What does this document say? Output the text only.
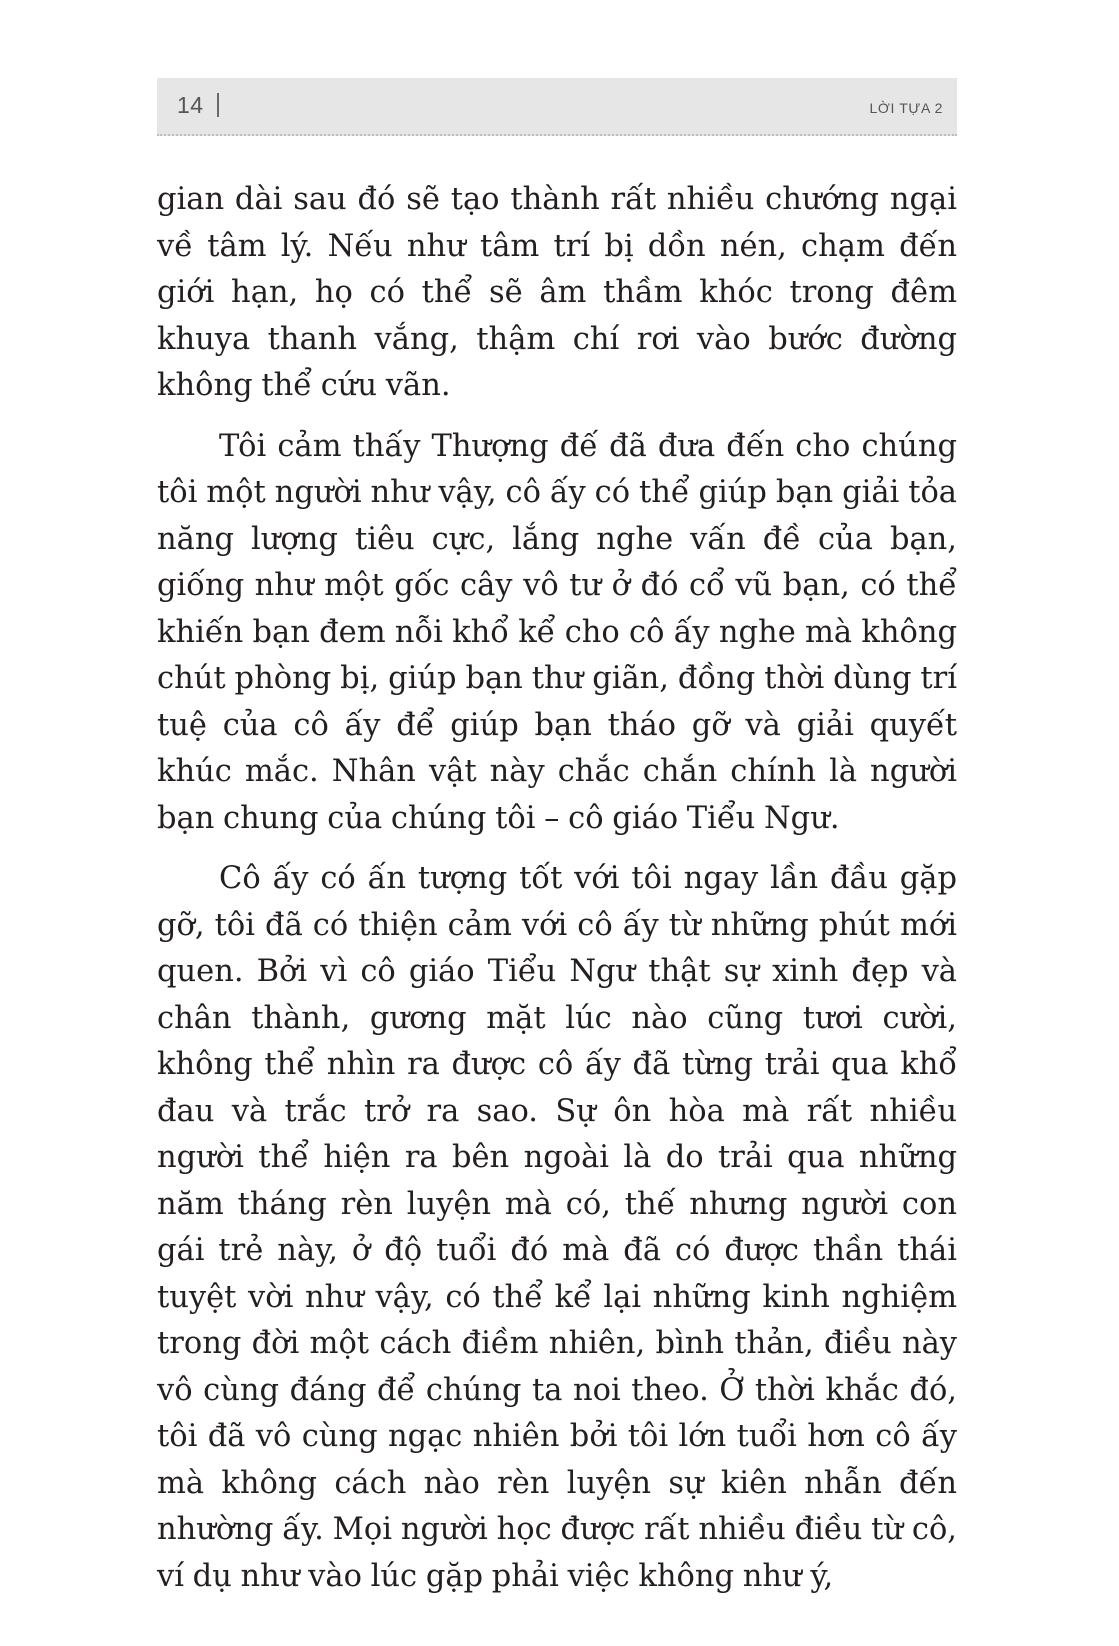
14	LỜI TỰA 2

gian dài sau đó sẽ tạo thành rất nhiều chướng ngại về tâm lý. Nếu như tâm trí bị dồn nén, chạm đến giới hạn, họ có thể sẽ âm thầm khóc trong đêm khuya thanh vắng, thậm chí rơi vào bước đường không thể cứu vãn.

Tôi cảm thấy Thượng đế đã đưa đến cho chúng tôi một người như vậy, cô ấy có thể giúp bạn giải tỏa năng lượng tiêu cực, lắng nghe vấn đề của bạn, giống như một gốc cây vô tư ở đó cổ vũ bạn, có thể khiến bạn đem nỗi khổ kể cho cô ấy nghe mà không chút phòng bị, giúp bạn thư giãn, đồng thời dùng trí tuệ của cô ấy để giúp bạn tháo gỡ và giải quyết khúc mắc. Nhân vật này chắc chắn chính là người bạn chung của chúng tôi – cô giáo Tiểu Ngư.

Cô ấy có ấn tượng tốt với tôi ngay lần đầu gặp gỡ, tôi đã có thiện cảm với cô ấy từ những phút mới quen. Bởi vì cô giáo Tiểu Ngư thật sự xinh đẹp và chân thành, gương mặt lúc nào cũng tươi cười, không thể nhìn ra được cô ấy đã từng trải qua khổ đau và trắc trở ra sao. Sự ôn hòa mà rất nhiều người thể hiện ra bên ngoài là do trải qua những năm tháng rèn luyện mà có, thế nhưng người con gái trẻ này, ở độ tuổi đó mà đã có được thần thái tuyệt vời như vậy, có thể kể lại những kinh nghiệm trong đời một cách điềm nhiên, bình thản, điều này vô cùng đáng để chúng ta noi theo. Ở thời khắc đó, tôi đã vô cùng ngạc nhiên bởi tôi lớn tuổi hơn cô ấy mà không cách nào rèn luyện sự kiên nhẫn đến nhường ấy. Mọi người học được rất nhiều điều từ cô, ví dụ như vào lúc gặp phải việc không như ý,
